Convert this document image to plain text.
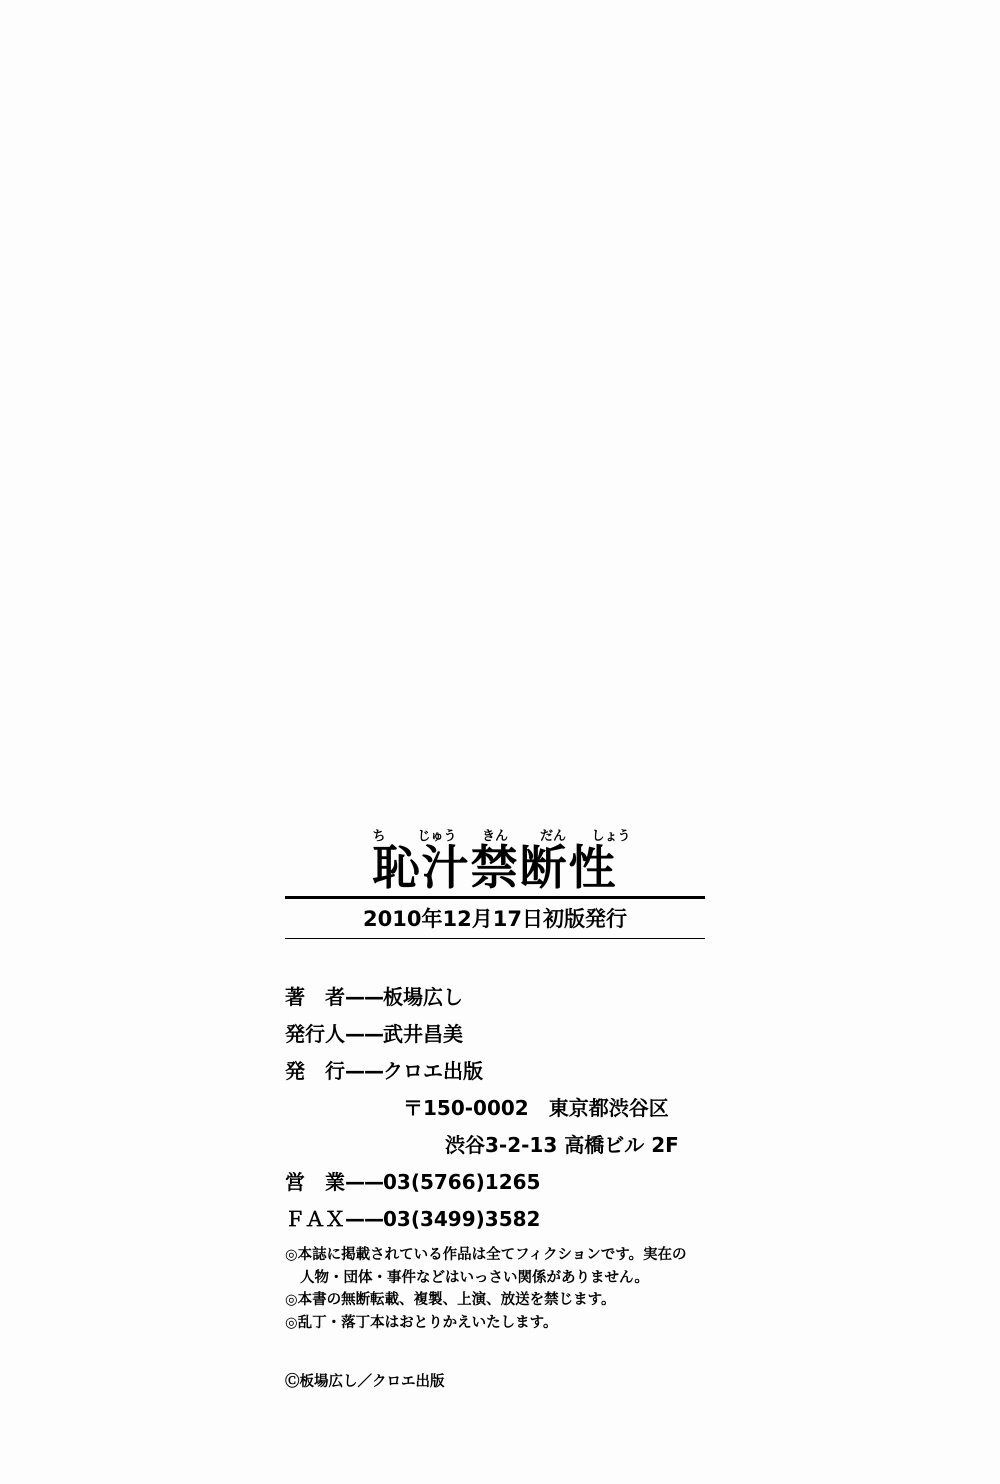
ち	じゅう	きん	だん	しょう
恥汁禁断性
2010年12月17日初版発行
著　者——板場広し
発行人——武井昌美
発　行——クロエ出版
〒150-0002　東京都渋谷区 渋谷3-2-13 高橋ビル 2F
営　業——03(5766)1265
ＦＡＸ——03(3499)3582
◎本誌に掲載されている作品は全てフィクションです。実在の
人物・団体・事件などはいっさい関係がありません。
◎本書の無断転載、複製、上演、放送を禁じます。
◎乱丁・落丁本はおとりかえいたします。
Ⓒ板場広し／クロエ出版
